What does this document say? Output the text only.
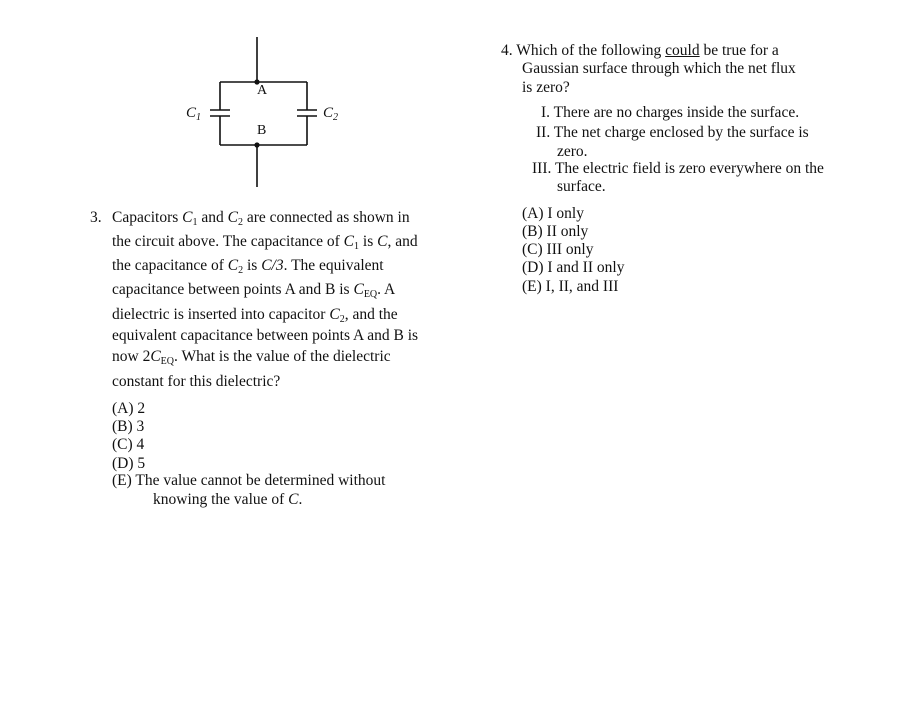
A
B
$C_1$	$C_2$
3. Capacitors $C_1$ and $C_2$ are connected as shown in
the circuit above. The capacitance of $C_1$ is C, and
the capacitance of $C_2$ is C/3. The equivalent
capacitance between points A and B is $C_{EQ}$. A
dielectric is inserted into capacitor $C_2$, and the
equivalent capacitance between points A and B is
now $2C_{EQ}$. What is the value of the dielectric
constant for this dielectric?
(A) 2
(B) 3
(C) 4
(D) 5
(E) The value cannot be determined without
knowing the value of C.
4. Which of the following could be true for a
Gaussian surface through which the net flux
is zero?
I. There are no charges inside the surface.
II. The net charge enclosed by the surface is
zero.
III. The electric field is zero everywhere on the
surface.
(A) I only
(B) II only
(C) III only
(D) I and II only
(E) I, II, and III
